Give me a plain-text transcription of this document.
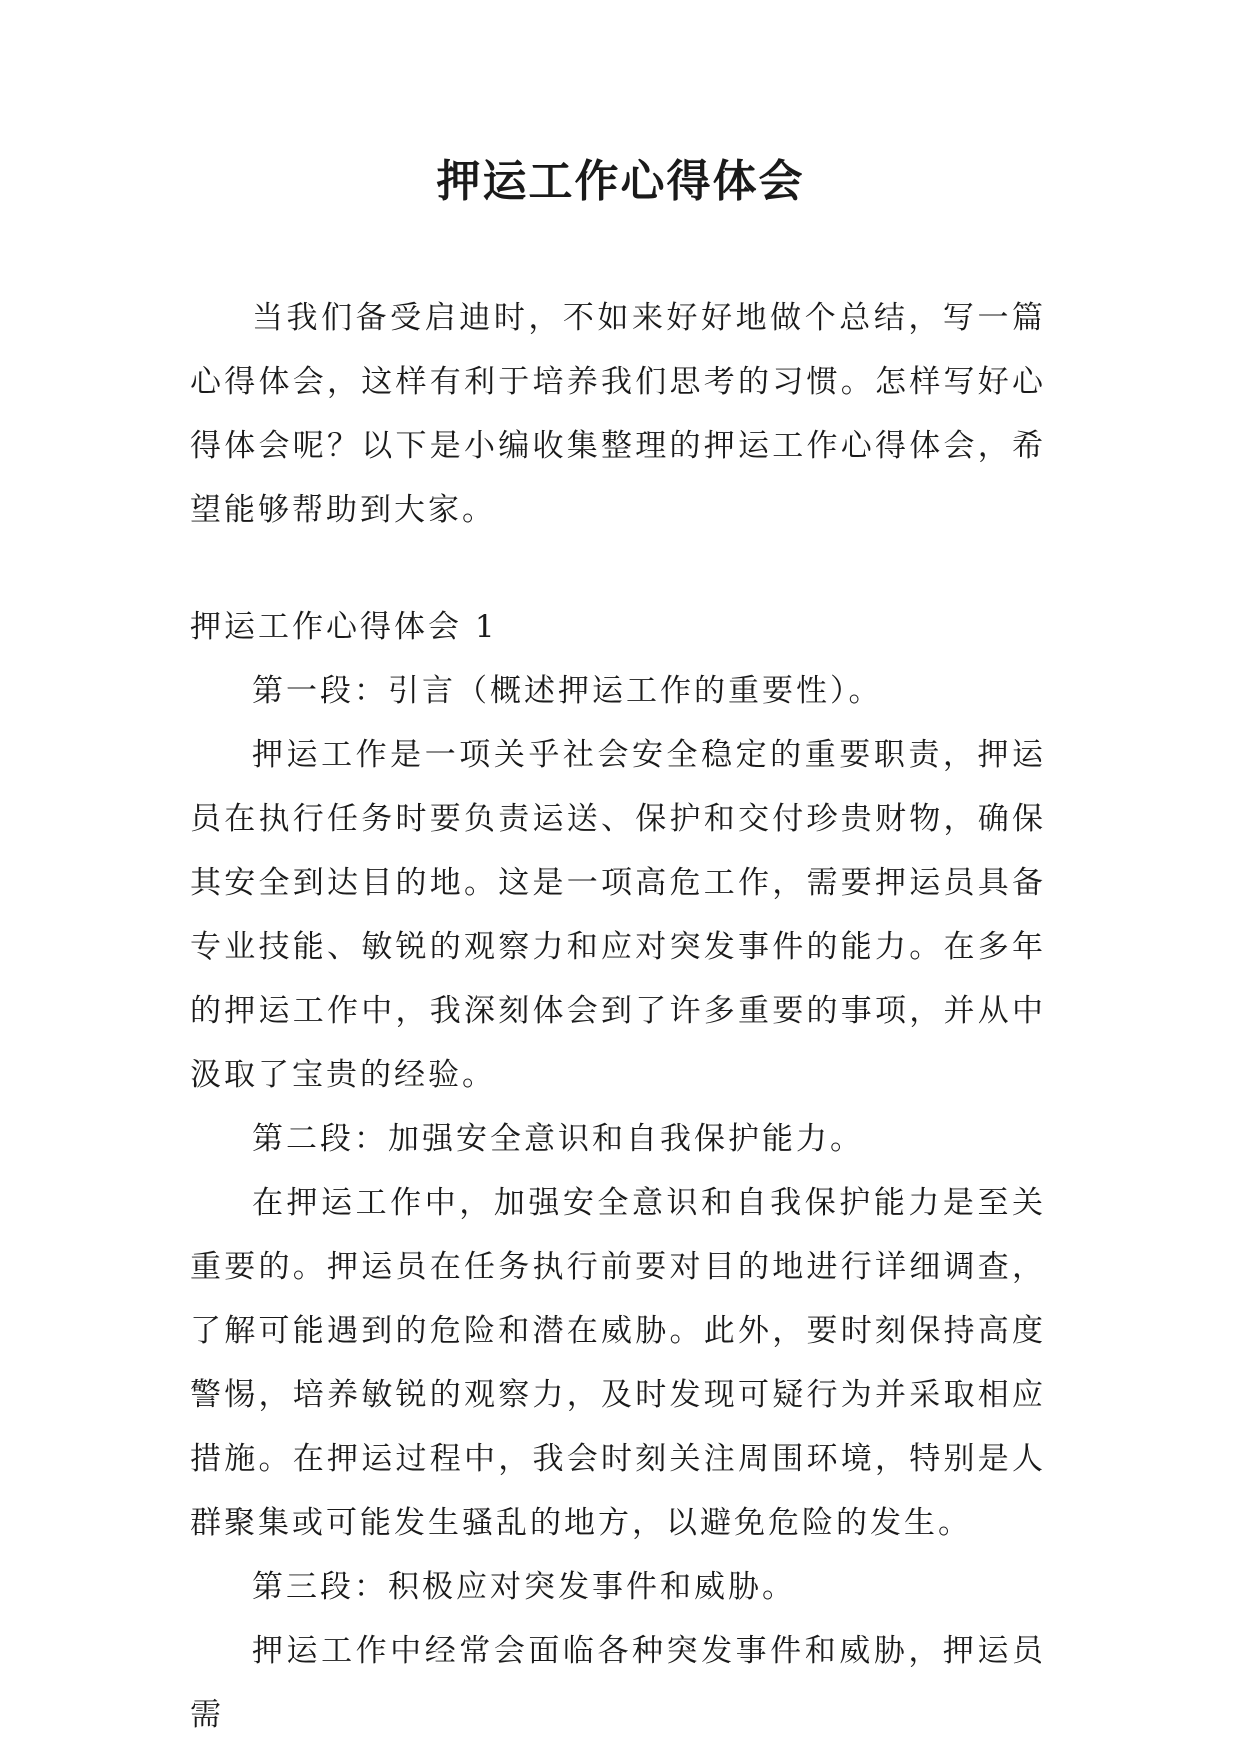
押运工作心得体会

当我们备受启迪时，不如来好好地做个总结，写一篇心得体会，这样有利于培养我们思考的习惯。怎样写好心得体会呢？以下是小编收集整理的押运工作心得体会，希望能够帮助到大家。

押运工作心得体会 1

第一段：引言（概述押运工作的重要性）。

押运工作是一项关乎社会安全稳定的重要职责，押运员在执行任务时要负责运送、保护和交付珍贵财物，确保其安全到达目的地。这是一项高危工作，需要押运员具备专业技能、敏锐的观察力和应对突发事件的能力。在多年的押运工作中，我深刻体会到了许多重要的事项，并从中汲取了宝贵的经验。

第二段：加强安全意识和自我保护能力。

在押运工作中，加强安全意识和自我保护能力是至关重要的。押运员在任务执行前要对目的地进行详细调查，了解可能遇到的危险和潜在威胁。此外，要时刻保持高度警惕，培养敏锐的观察力，及时发现可疑行为并采取相应措施。在押运过程中，我会时刻关注周围环境，特别是人群聚集或可能发生骚乱的地方，以避免危险的发生。

第三段：积极应对突发事件和威胁。

押运工作中经常会面临各种突发事件和威胁，押运员需
